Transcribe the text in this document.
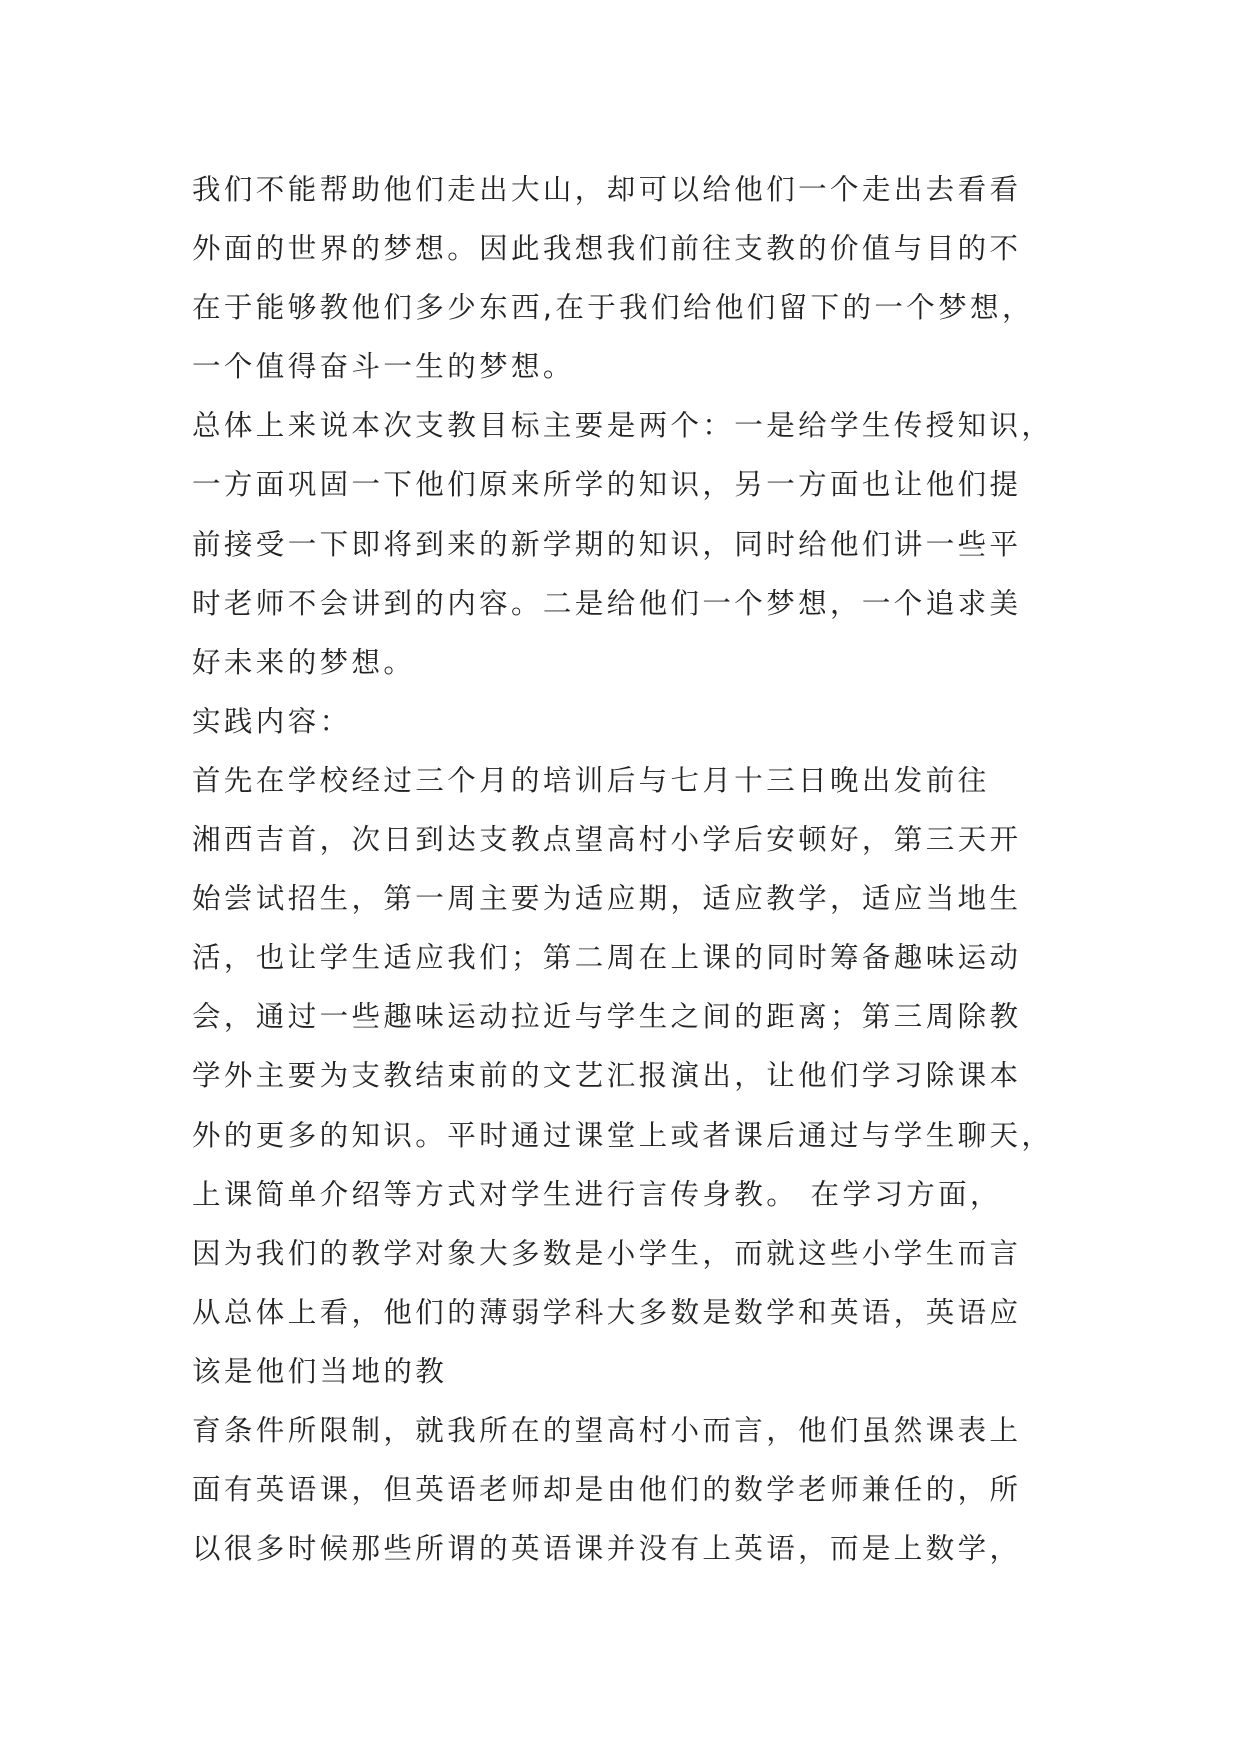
我们不能帮助他们走出大山，却可以给他们一个走出去看看
外面的世界的梦想。因此我想我们前往支教的价值与目的不
在于能够教他们多少东西,在于我们给他们留下的一个梦想，
一个值得奋斗一生的梦想。
总体上来说本次支教目标主要是两个：一是给学生传授知识，
一方面巩固一下他们原来所学的知识，另一方面也让他们提
前接受一下即将到来的新学期的知识，同时给他们讲一些平
时老师不会讲到的内容。二是给他们一个梦想，一个追求美
好未来的梦想。
实践内容：
首先在学校经过三个月的培训后与七月十三日晚出发前往
湘西吉首，次日到达支教点望高村小学后安顿好，第三天开
始尝试招生，第一周主要为适应期，适应教学，适应当地生
活，也让学生适应我们；第二周在上课的同时筹备趣味运动
会，通过一些趣味运动拉近与学生之间的距离；第三周除教
学外主要为支教结束前的文艺汇报演出，让他们学习除课本
外的更多的知识。平时通过课堂上或者课后通过与学生聊天，
上课简单介绍等方式对学生进行言传身教。 在学习方面，
因为我们的教学对象大多数是小学生，而就这些小学生而言
从总体上看，他们的薄弱学科大多数是数学和英语，英语应
该是他们当地的教
育条件所限制，就我所在的望高村小而言，他们虽然课表上
面有英语课，但英语老师却是由他们的数学老师兼任的，所
以很多时候那些所谓的英语课并没有上英语，而是上数学，
